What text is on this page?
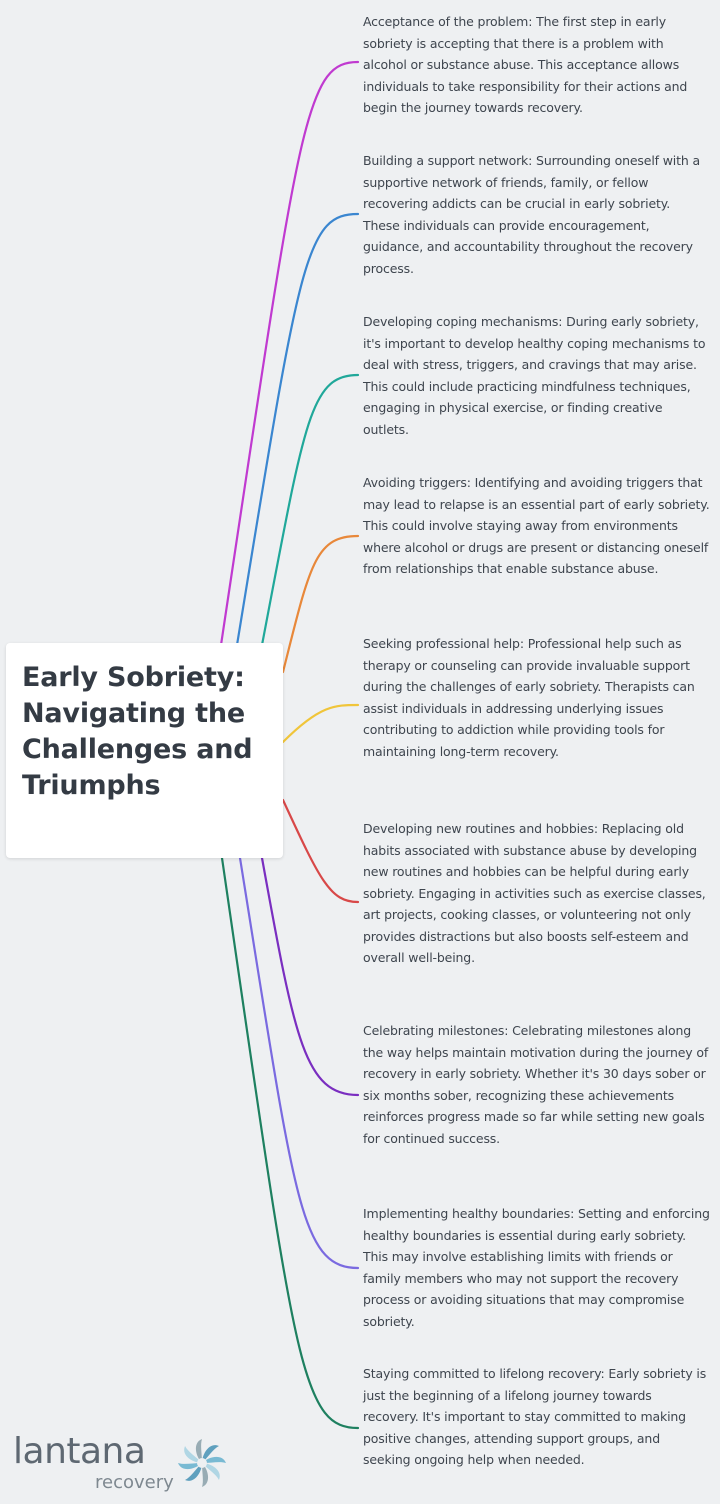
Early Sobriety: Navigating the Challenges and Triumphs

Acceptance of the problem: The first step in early sobriety is accepting that there is a problem with alcohol or substance abuse. This acceptance allows individuals to take responsibility for their actions and begin the journey towards recovery.

Building a support network: Surrounding oneself with a supportive network of friends, family, or fellow recovering addicts can be crucial in early sobriety. These individuals can provide encouragement, guidance, and accountability throughout the recovery process.

Developing coping mechanisms: During early sobriety, it's important to develop healthy coping mechanisms to deal with stress, triggers, and cravings that may arise. This could include practicing mindfulness techniques, engaging in physical exercise, or finding creative outlets.

Avoiding triggers: Identifying and avoiding triggers that may lead to relapse is an essential part of early sobriety. This could involve staying away from environments where alcohol or drugs are present or distancing oneself from relationships that enable substance abuse.

Seeking professional help: Professional help such as therapy or counseling can provide invaluable support during the challenges of early sobriety. Therapists can assist individuals in addressing underlying issues contributing to addiction while providing tools for maintaining long-term recovery.

Developing new routines and hobbies: Replacing old habits associated with substance abuse by developing new routines and hobbies can be helpful during early sobriety. Engaging in activities such as exercise classes, art projects, cooking classes, or volunteering not only provides distractions but also boosts self-esteem and overall well-being.

Celebrating milestones: Celebrating milestones along the way helps maintain motivation during the journey of recovery in early sobriety. Whether it's 30 days sober or six months sober, recognizing these achievements reinforces progress made so far while setting new goals for continued success.

Implementing healthy boundaries: Setting and enforcing healthy boundaries is essential during early sobriety. This may involve establishing limits with friends or family members who may not support the recovery process or avoiding situations that may compromise sobriety.

Staying committed to lifelong recovery: Early sobriety is just the beginning of a lifelong journey towards recovery. It's important to stay committed to making positive changes, attending support groups, and seeking ongoing help when needed.

lantana
recovery
